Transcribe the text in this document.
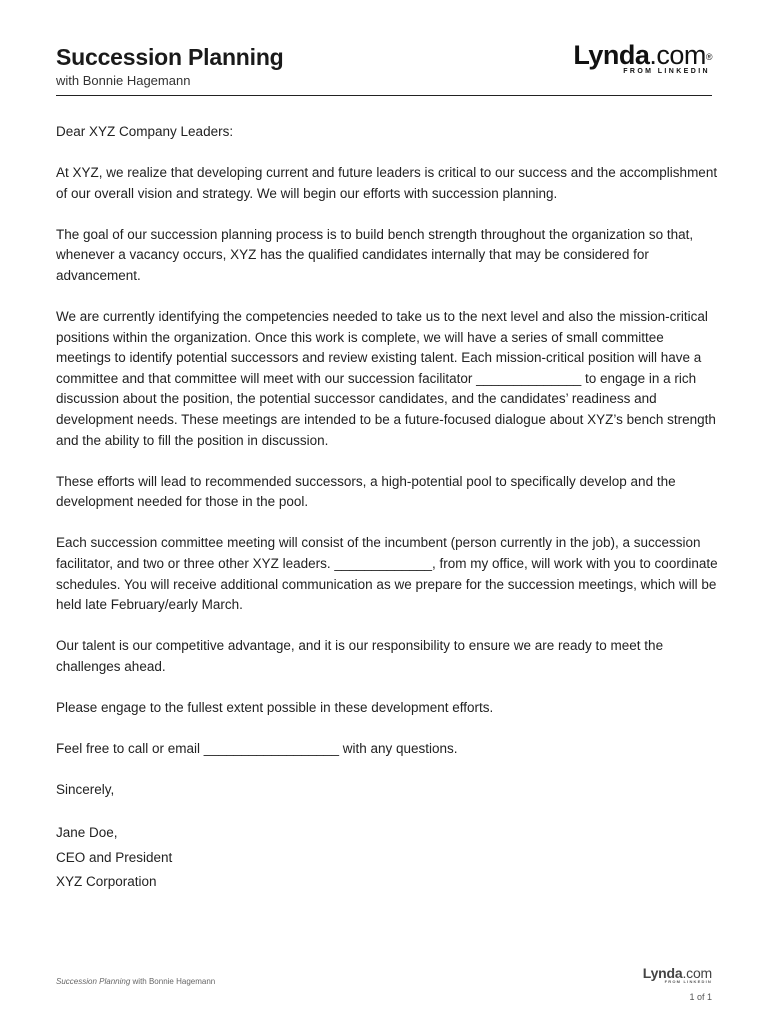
Succession Planning
with Bonnie Hagemann
Lynda.com®
FROM LINKEDIN

Dear XYZ Company Leaders:

At XYZ, we realize that developing current and future leaders is critical to our success and the accomplishment of our overall vision and strategy. We will begin our efforts with succession planning.

The goal of our succession planning process is to build bench strength throughout the organization so that, whenever a vacancy occurs, XYZ has the qualified candidates internally that may be considered for advancement.

We are currently identifying the competencies needed to take us to the next level and also the mission-critical positions within the organization. Once this work is complete, we will have a series of small committee meetings to identify potential successors and review existing talent. Each mission-critical position will have a committee and that committee will meet with our succession facilitator ______________ to engage in a rich discussion about the position, the potential successor candidates, and the candidates’ readiness and development needs. These meetings are intended to be a future-focused dialogue about XYZ’s bench strength and the ability to fill the position in discussion.

These efforts will lead to recommended successors, a high-potential pool to specifically develop and the development needed for those in the pool.

Each succession committee meeting will consist of the incumbent (person currently in the job), a succession facilitator, and two or three other XYZ leaders. _____________, from my office, will work with you to coordinate schedules. You will receive additional communication as we prepare for the succession meetings, which will be held late February/early March.

Our talent is our competitive advantage, and it is our responsibility to ensure we are ready to meet the challenges ahead.

Please engage to the fullest extent possible in these development efforts.

Feel free to call or email __________________ with any questions.

Sincerely,

Jane Doe,
CEO and President
XYZ Corporation
Succession Planning with Bonnie Hagemann
Lynda.com
FROM LINKEDIN
1 of 1
